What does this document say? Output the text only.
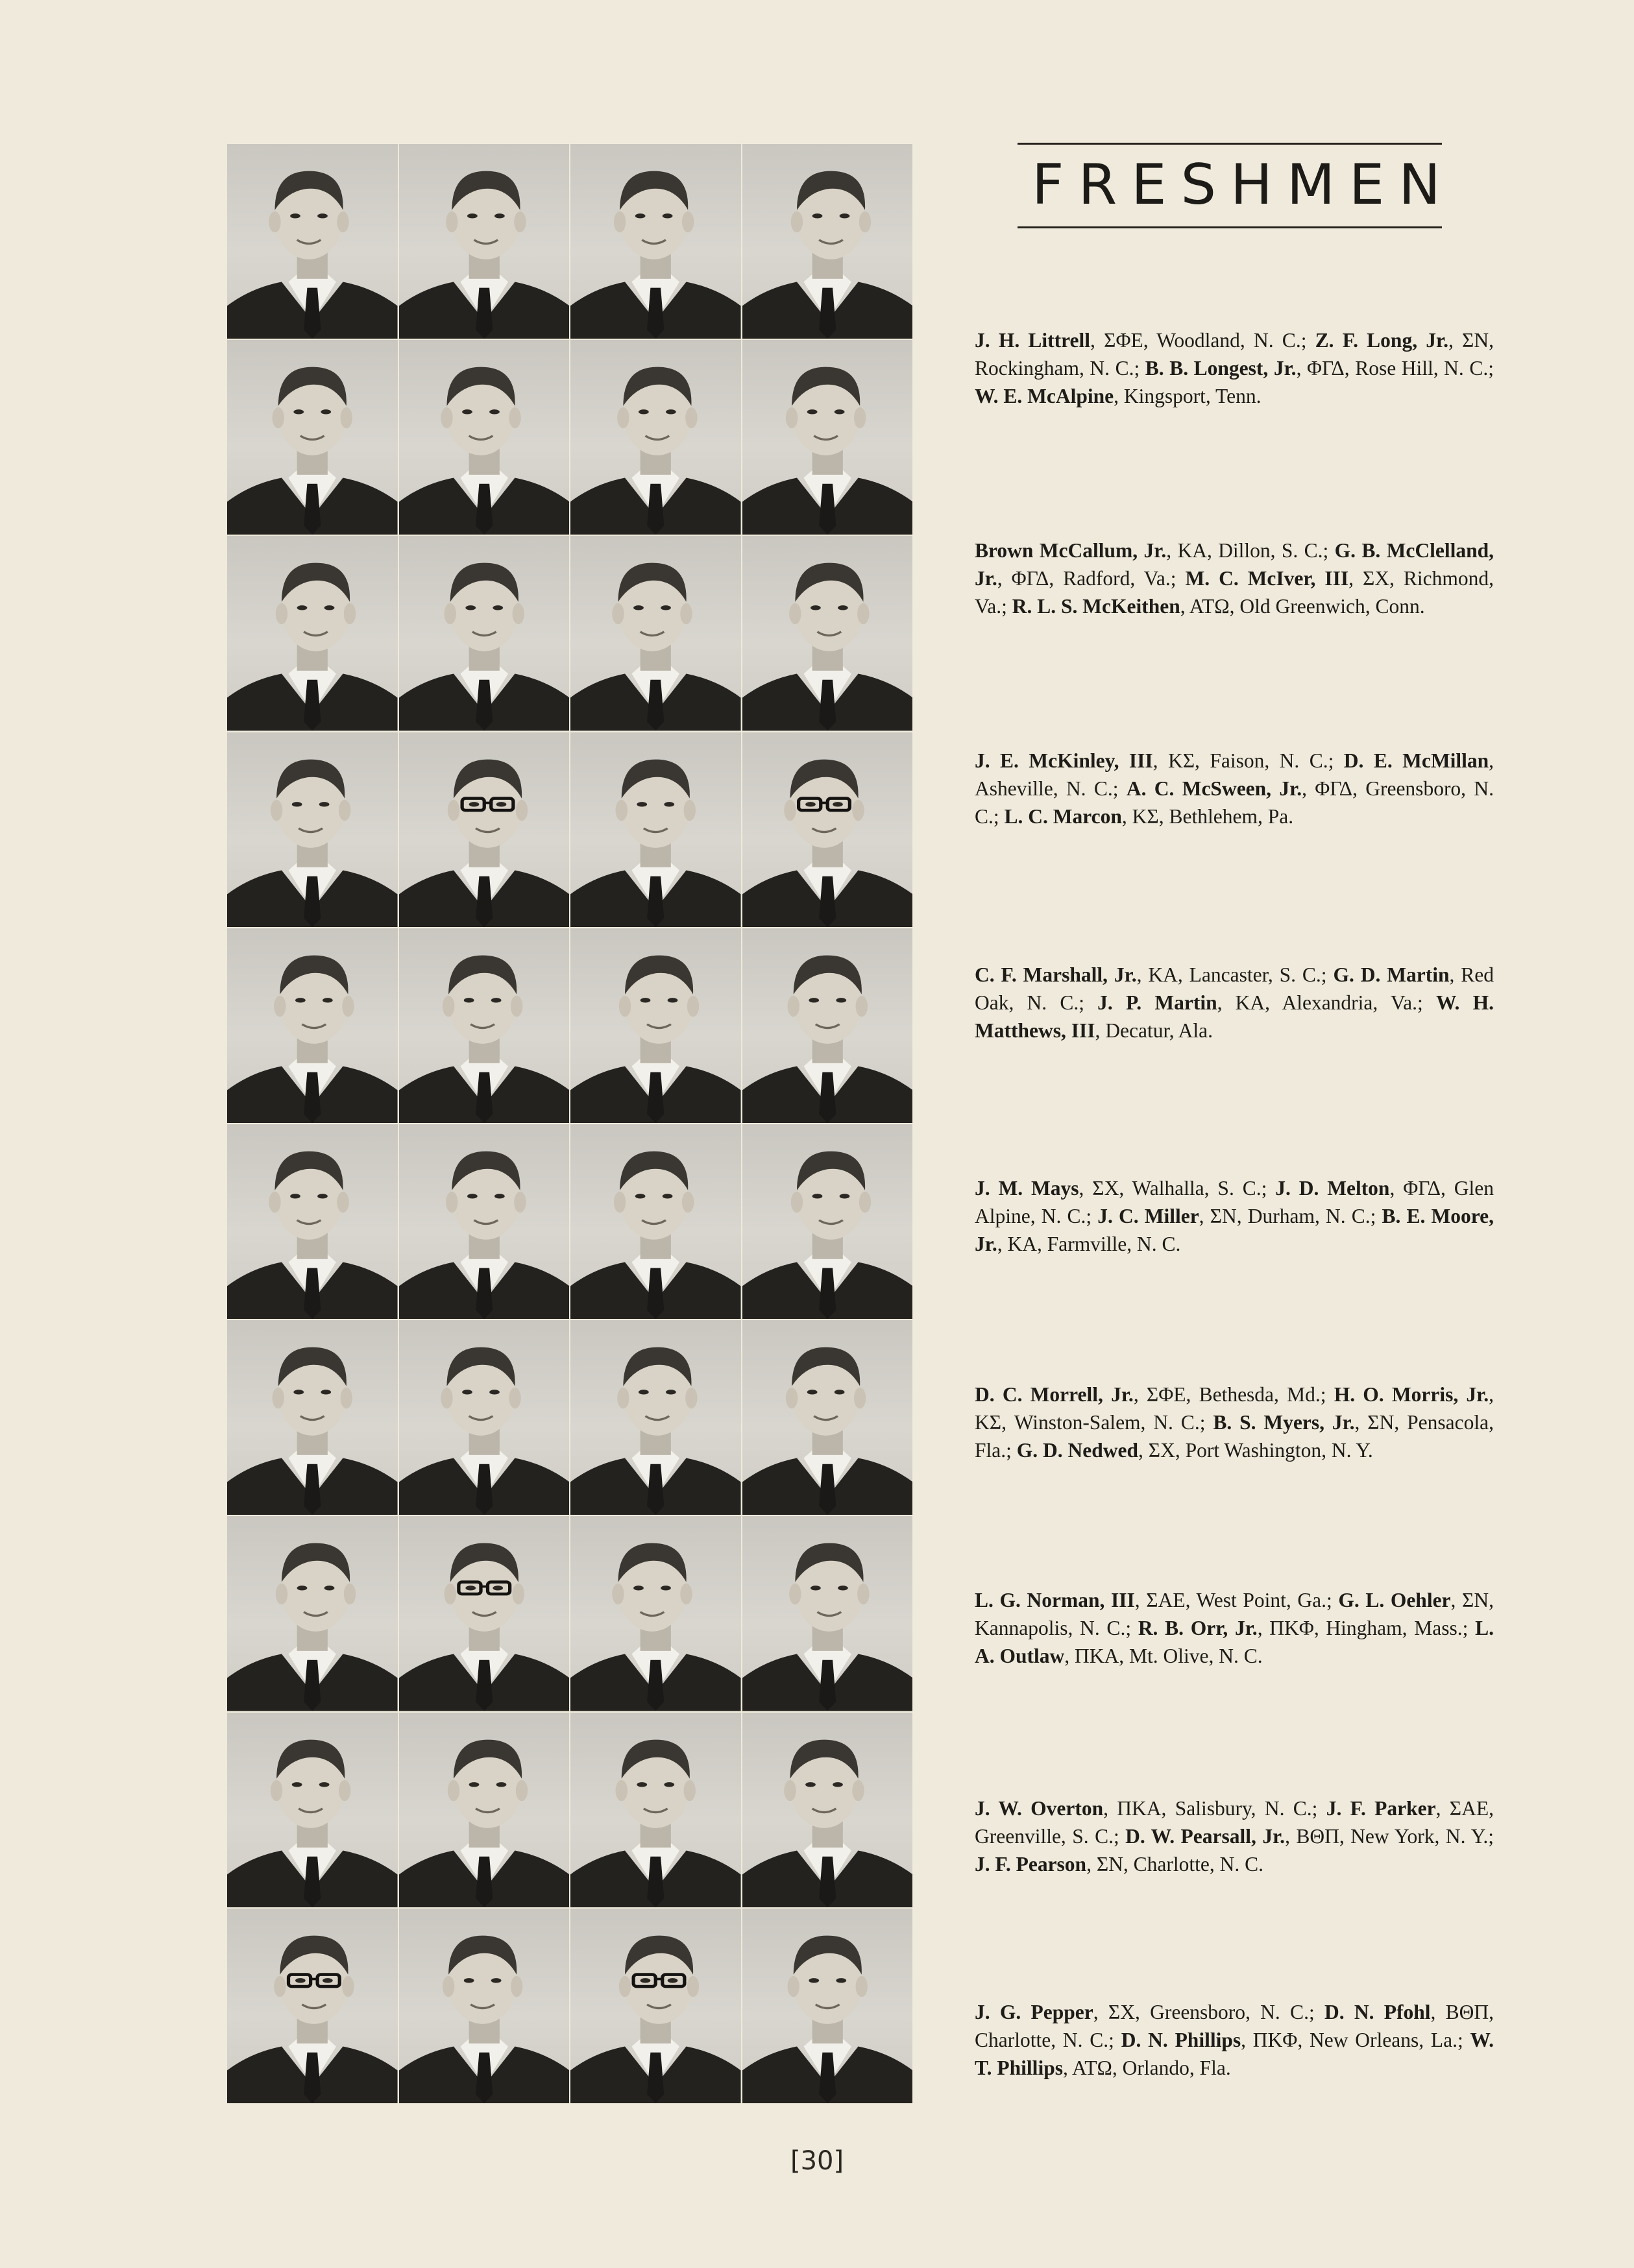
FRESHMEN
J. H. Littrell, ΣΦE, Woodland, N. C.; Z. F. Long, Jr., ΣN, Rockingham, N. C.; B. B. Longest, Jr., ΦΓΔ, Rose Hill, N. C.; W. E. McAlpine, Kingsport, Tenn.
Brown McCallum, Jr., KA, Dillon, S. C.; G. B. McClelland, Jr., ΦΓΔ, Radford, Va.; M. C. McIver, III, ΣX, Richmond, Va.; R. L. S. McKeithen, ATΩ, Old Greenwich, Conn.
J. E. McKinley, III, KΣ, Faison, N. C.; D. E. McMillan, Asheville, N. C.; A. C. McSween, Jr., ΦΓΔ, Greensboro, N. C.; L. C. Marcon, KΣ, Bethlehem, Pa.
C. F. Marshall, Jr., KA, Lancaster, S. C.; G. D. Martin, Red Oak, N. C.; J. P. Martin, KA, Alexandria, Va.; W. H. Matthews, III, Decatur, Ala.
J. M. Mays, ΣX, Walhalla, S. C.; J. D. Melton, ΦΓΔ, Glen Alpine, N. C.; J. C. Miller, ΣN, Durham, N. C.; B. E. Moore, Jr., KA, Farmville, N. C.
D. C. Morrell, Jr., ΣΦE, Bethesda, Md.; H. O. Morris, Jr., KΣ, Winston-Salem, N. C.; B. S. Myers, Jr., ΣN, Pensacola, Fla.; G. D. Nedwed, ΣX, Port Washington, N. Y.
L. G. Norman, III, ΣAE, West Point, Ga.; G. L. Oehler, ΣN, Kannapolis, N. C.; R. B. Orr, Jr., ΠKΦ, Hingham, Mass.; L. A. Outlaw, ΠKA, Mt. Olive, N. C.
J. W. Overton, ΠKA, Salisbury, N. C.; J. F. Parker, ΣAE, Greenville, S. C.; D. W. Pearsall, Jr., BΘΠ, New York, N. Y.; J. F. Pearson, ΣN, Charlotte, N. C.
J. G. Pepper, ΣX, Greensboro, N. C.; D. N. Pfohl, BΘΠ, Charlotte, N. C.; D. N. Phillips, ΠKΦ, New Orleans, La.; W. T. Phillips, ATΩ, Orlando, Fla.
[30]
